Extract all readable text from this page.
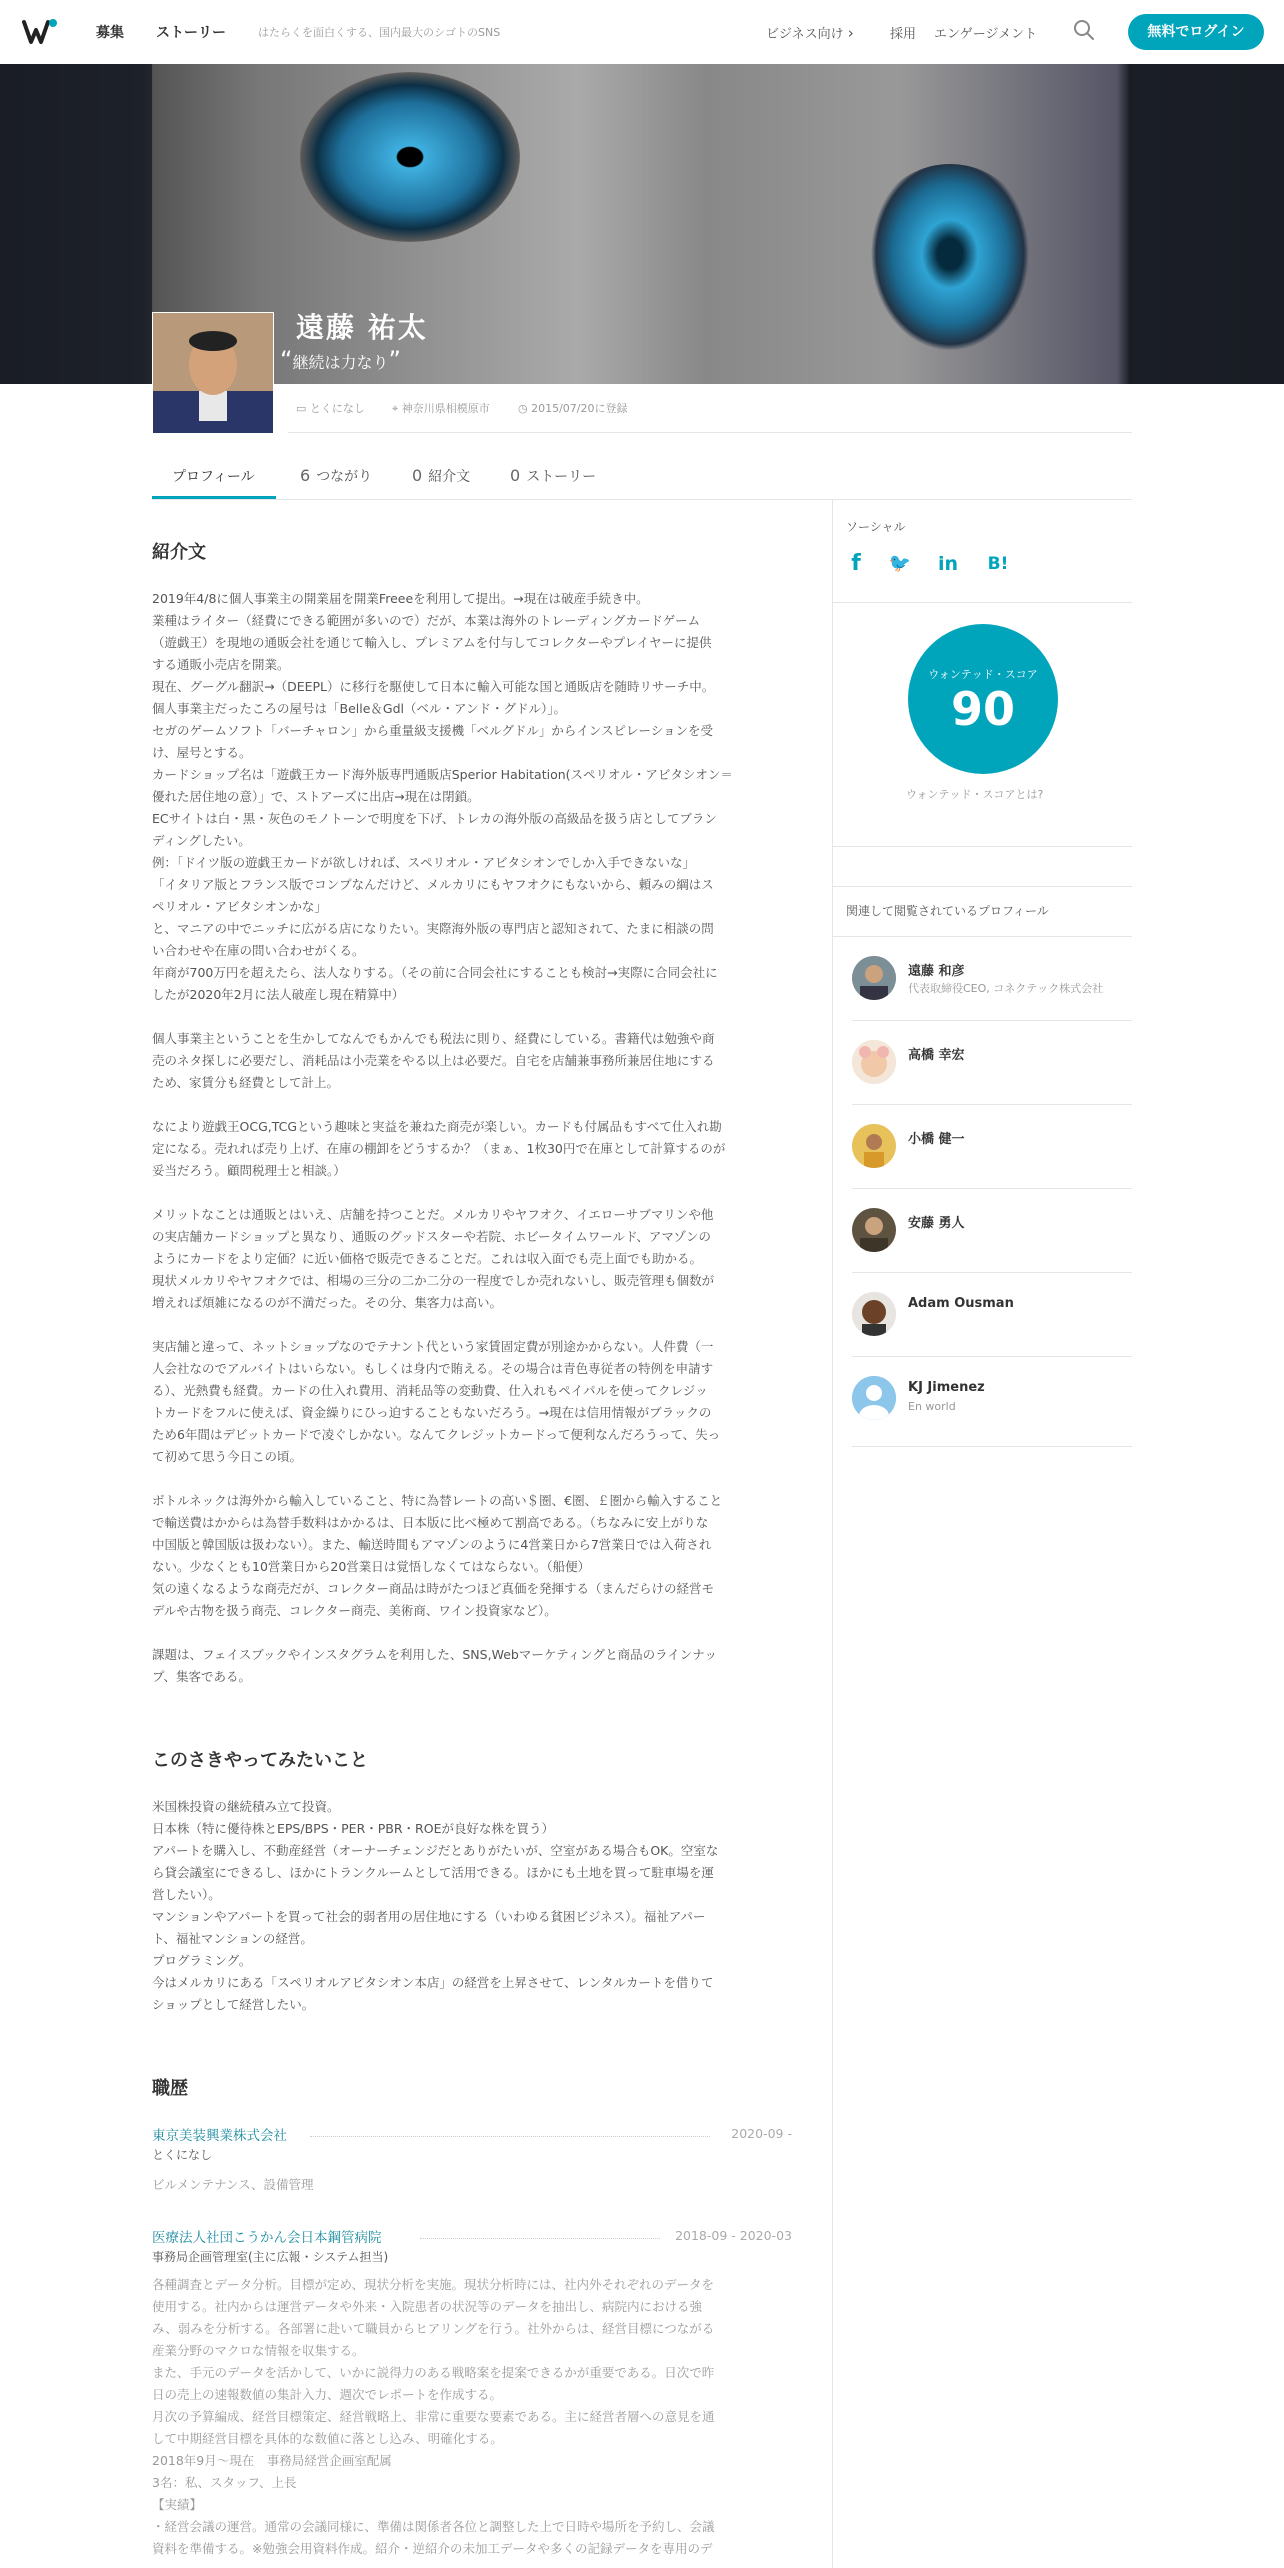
募集 ストーリー	はたらくを面白くする、国内最大のシゴトのSNS	ビジネス向け ›	採用 エンゲージメント	無料でログイン
遠藤 祐太
“継続は力なり”
▭ とくになし ⌖ 神奈川県相模原市	◷ 2015/07/20に登録
プロフィール	6 つながり 0 紹介文 0 ストーリー
紹介文
2019年4/8に個人事業主の開業届を開業Freeeを利用して提出。→現在は破産手続き中。
業種はライター（経費にできる範囲が多いので）だが、本業は海外のトレーディングカードゲーム
（遊戯王）を現地の通販会社を通じて輸入し、プレミアムを付与してコレクターやプレイヤーに提供
する通販小売店を開業。
現在、グーグル翻訳→（DEEPL）に移行を駆使して日本に輸入可能な国と通販店を随時リサーチ中。
個人事業主だったころの屋号は「Belle＆Gdl（ベル・アンド・グドル）」。
セガのゲームソフト「バーチャロン」から重量級支援機「ベルグドル」からインスピレーションを受
け、屋号とする。
カードショップ名は「遊戯王カード海外版専門通販店Sperior Habitation(スペリオル・アビタシオン＝
優れた居住地の意）」で、ストアーズに出店→現在は閉鎖。
ECサイトは白・黒・灰色のモノトーンで明度を下げ、トレカの海外版の高級品を扱う店としてブラン
ディングしたい。
例：「ドイツ版の遊戯王カードが欲しければ、スペリオル・アビタシオンでしか入手できないな」
「イタリア版とフランス版でコンプなんだけど、メルカリにもヤフオクにもないから、頼みの綱はス
ペリオル・アビタシオンかな」
と、マニアの中でニッチに広がる店になりたい。実際海外版の専門店と認知されて、たまに相談の問
い合わせや在庫の問い合わせがくる。
年商が700万円を超えたら、法人なりする。（その前に合同会社にすることも検討→実際に合同会社に
したが2020年2月に法人破産し現在精算中）

個人事業主ということを生かしてなんでもかんでも税法に則り、経費にしている。書籍代は勉強や商
売のネタ探しに必要だし、消耗品は小売業をやる以上は必要だ。自宅を店舗兼事務所兼居住地にする
ため、家賃分も経費として計上。

なにより遊戯王OCG,TCGという趣味と実益を兼ねた商売が楽しい。カードも付属品もすべて仕入れ勘
定になる。売れれば売り上げ、在庫の棚卸をどうするか？（まぁ、1枚30円で在庫として計算するのが
妥当だろう。顧問税理士と相談。）

メリットなことは通販とはいえ、店舗を持つことだ。メルカリやヤフオク、イエローサブマリンや他
の実店舗カードショップと異なり、通販のグッドスターや若院、ホビータイムワールド、アマゾンの
ようにカードをより定価？に近い価格で販売できることだ。これは収入面でも売上面でも助かる。
現状メルカリやヤフオクでは、相場の三分の二か二分の一程度でしか売れないし、販売管理も個数が
増えれば煩雑になるのが不満だった。その分、集客力は高い。

実店舗と違って、ネットショップなのでテナント代という家賃固定費が別途かからない。人件費（一
人会社なのでアルバイトはいらない。もしくは身内で賄える。その場合は青色専従者の特例を申請す
る）、光熱費も経費。カードの仕入れ費用、消耗品等の変動費、仕入れもペイパルを使ってクレジッ
トカードをフルに使えば、資金繰りにひっ迫することもないだろう。→現在は信用情報がブラックの
ため6年間はデビットカードで凌ぐしかない。なんてクレジットカードって便利なんだろうって、失っ
て初めて思う今日この頃。

ボトルネックは海外から輸入していること、特に為替レートの高い＄圏、€圏、￡圏から輸入すること
で輸送費はかからは為替手数料はかかるは、日本版に比べ極めて割高である。（ちなみに安上がりな
中国版と韓国版は扱わない）。また、輸送時間もアマゾンのように4営業日から7営業日では入荷され
ない。少なくとも10営業日から20営業日は覚悟しなくてはならない。（船便）
気の遠くなるような商売だが、コレクター商品は時がたつほど真価を発揮する（まんだらけの経営モ
デルや古物を扱う商売、コレクター商売、美術商、ワイン投資家など）。

課題は、フェイスブックやインスタグラムを利用した、SNS,Webマーケティングと商品のラインナッ
プ、集客である。
このさきやってみたいこと
米国株投資の継続積み立て投資。
日本株（特に優待株とEPS/BPS・PER・PBR・ROEが良好な株を買う）
アパートを購入し、不動産経営（オーナーチェンジだとありがたいが、空室がある場合もOK。空室な
ら貸会議室にできるし、ほかにトランクルームとして活用できる。ほかにも土地を買って駐車場を運
営したい）。
マンションやアパートを買って社会的弱者用の居住地にする（いわゆる貧困ビジネス）。福祉アパー
ト、福祉マンションの経営。
プログラミング。
今はメルカリにある「スペリオルアビタシオン本店」の経営を上昇させて、レンタルカートを借りて
ショップとして経営したい。
職歴
東京美装興業株式会社	2020-09 -
とくになし
ビルメンテナンス、設備管理
医療法人社団こうかん会日本鋼管病院	2018-09 - 2020-03
事務局企画管理室(主に広報・システム担当)
各種調査とデータ分析。目標が定め、現状分析を実施。現状分析時には、社内外それぞれのデータを
使用する。社内からは運営データや外来・入院患者の状況等のデータを抽出し、病院内における強
み、弱みを分析する。各部署に赴いて職員からヒアリングを行う。社外からは、経営目標につながる
産業分野のマクロな情報を収集する。
また、手元のデータを活かして、いかに説得力のある戦略案を提案できるかが重要である。日次で昨
日の売上の速報数値の集計入力、週次でレポートを作成する。
月次の予算編成、経営目標策定、経営戦略上、非常に重要な要素である。主に経営者層への意見を通
して中期経営目標を具体的な数値に落とし込み、明確化する。
2018年9月～現在　事務局経営企画室配属
3名：私、スタッフ、上長
【実績】
・経営会議の運営。通常の会議同様に、準備は関係者各位と調整した上で日時や場所を予約し、会議
資料を準備する。※勉強会用資料作成。紹介・逆紹介の未加工データや多くの記録データを専用のデ
ソーシャル
f	🐦 in B!
ウォンテッド・スコア
90
ウォンテッド・スコアとは?
関連して閲覧されているプロフィール
遠藤 和彦
代表取締役CEO, コネクテック株式会社
高橋 幸宏
小橋 健一
安藤 勇人
Adam Ousman
KJ Jimenez
En world
